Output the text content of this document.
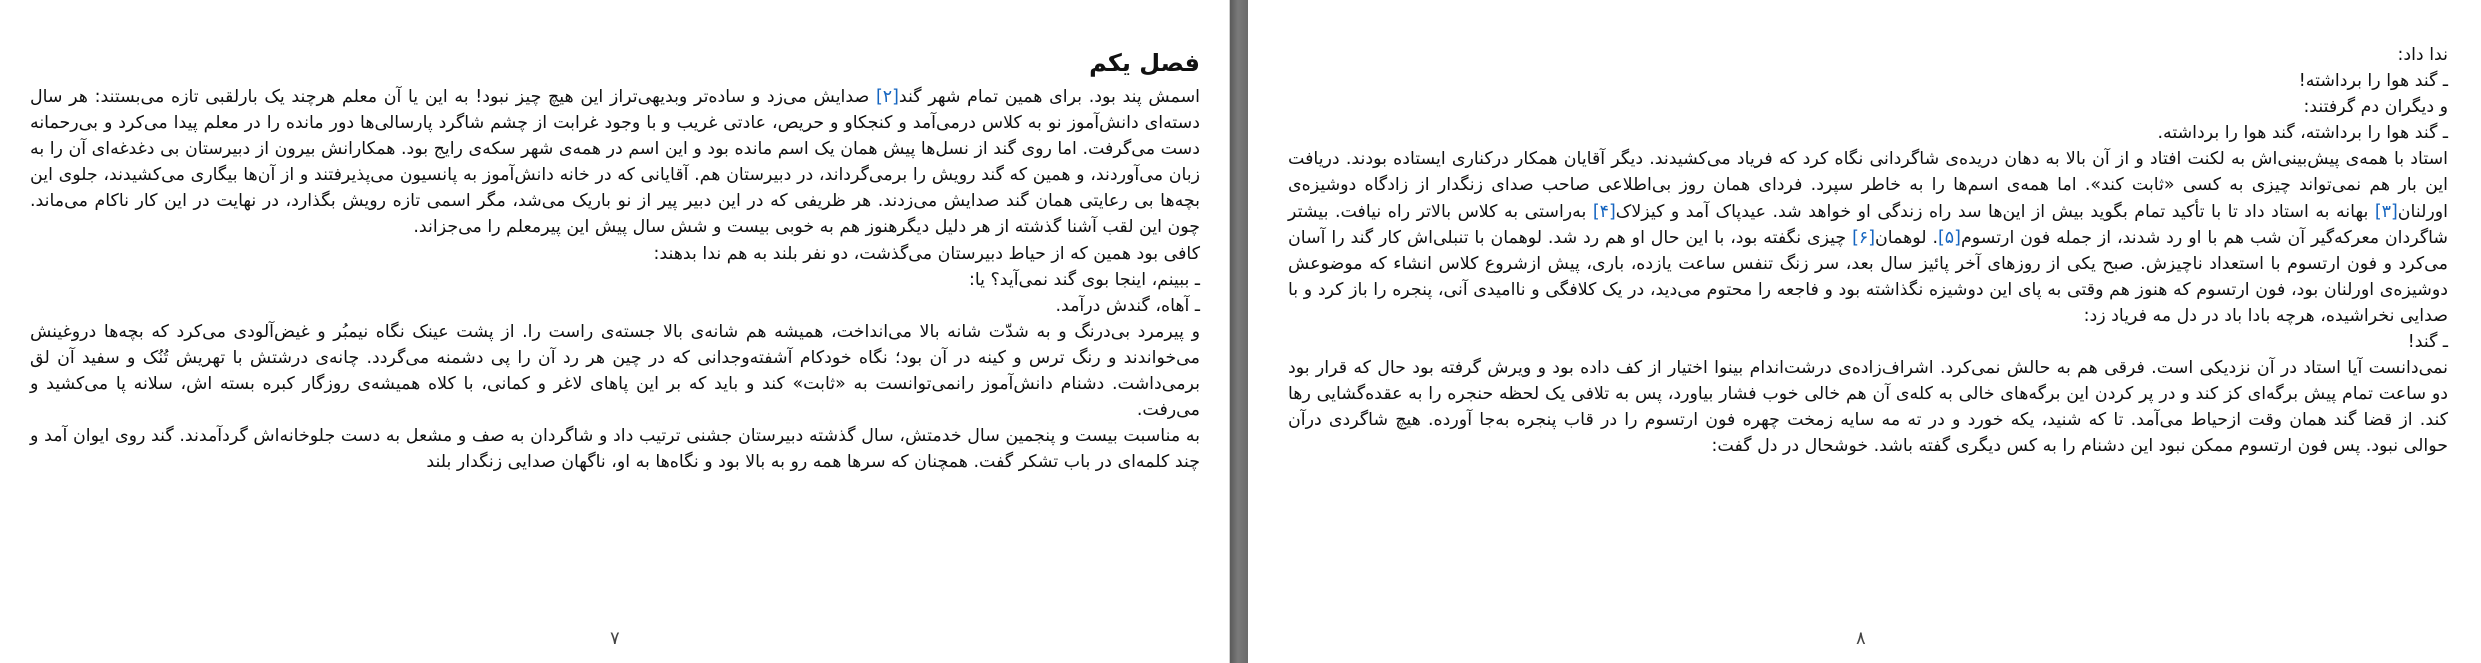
فصل یکم

اسمش پند بود. برای همین تمام شهر گند[۲] صدایش می‌زد و ساده‌تر وبدیهی‌تراز این هیچ چیز نبود! به این یا آن معلم هرچند یک بارلقبی تازه می‌بستند: هر سال دسته‌ای دانش‌آموز نو به کلاس درمی‌آمد و کنجکاو و حریص، عادتی غریب و با وجود غرابت از چشم شاگرد پارسالی‌ها دور مانده را در معلم پیدا می‌کرد و بی‌رحمانه دست می‌گرفت. اما روی گند از نسل‌ها پیش همان یک اسم مانده بود و این اسم در همه‌ی شهر سکه‌ی رایج بود. همکارانش بیرون از دبیرستان بی دغدغه‌ای آن را به زبان می‌آوردند، و همین که گند رویش را برمی‌گرداند، در دبیرستان هم. آقایانی که در خانه دانش‌آموز به پانسیون می‌پذیرفتند و از آن‌ها بیگاری می‌کشیدند، جلوی این بچه‌ها بی رعایتی همان گند صدایش می‌زدند. هر ظریفی که در این دبیر پیر از نو باریک می‌شد، مگر اسمی تازه رویش بگذارد، در نهایت در این کار ناکام می‌ماند. چون این لقب آشنا گذشته از هر دلیل دیگرهنوز هم به خوبی بیست و شش سال پیش این پیرمعلم را می‌جزاند.

کافی بود همین که از حیاط دبیرستان می‌گذشت، دو نفر بلند به هم ندا بدهند:

ـ ببینم، اینجا بوی گند نمی‌آید؟ یا:

ـ آهاه، گندش درآمد.

و پیرمرد بی‌درنگ و به شدّت شانه بالا می‌انداخت، همیشه هم شانه‌ی بالا جسته‌ی راست را. از پشت عینک نگاه نیمبُر و غیض‌آلودی می‌کرد که بچه‌ها دروغینش می‌خواندند و رنگ ترس و کینه در آن بود؛ نگاه خودکام آشفته‌وجدانی که در چین هر رد آن را پی دشمنه می‌گردد. چانه‌ی درشتش با تهریش تُنُک و سفید آن لق برمی‌داشت. دشنام دانش‌آموز رانمی‌توانست به «ثابت» کند و باید که بر این پاهای لاغر و کمانی، با کلاه همیشه‌ی روزگار کبره بسته اش، سلانه پا می‌کشید و می‌رفت.

به مناسبت بیست و پنجمین سال خدمتش، سال گذشته دبیرستان جشنی ترتیب داد و شاگردان به صف و مشعل به دست جلوخانه‌اش گردآمدند. گند روی ایوان آمد و چند کلمه‌ای در باب تشکر گفت. همچنان که سرها همه رو به بالا بود و نگاه‌ها به او، ناگهان صدایی زنگدار بلند

۷

ندا داد:

ـ گند هوا را برداشته!

و دیگران دم گرفتند:

ـ گند هوا را برداشته، گند هوا را برداشته.

استاد با همه‌ی پیش‌بینی‌اش به لکنت افتاد و از آن بالا به دهان دریده‌ی شاگردانی نگاه کرد که فریاد می‌کشیدند. دیگر آقایان همکار درکناری ایستاده بودند. دریافت این بار هم نمی‌تواند چیزی به کسی «ثابت کند». اما همه‌ی اسم‌ها را به خاطر سپرد. فردای همان روز بی‌اطلاعی صاحب صدای زنگدار از زادگاه دوشیزه‌ی اورلنان[۳] بهانه به استاد داد تا با تأکید تمام بگوید بیش از این‌ها سد راه زندگی او خواهد شد. عیدپاک آمد و کیزلاک[۴] به‌راستی به کلاس بالاتر راه نیافت. بیشتر شاگردان معرکه‌گیر آن شب هم با او رد شدند، از جمله فون ارتسوم[۵]. لوهمان[۶] چیزی نگفته بود، با این حال او هم رد شد. لوهمان با تنبلی‌اش کار گند را آسان می‌کرد و فون ارتسوم با استعداد ناچیزش. صبح یکی از روزهای آخر پائیز سال بعد، سر زنگ تنفس ساعت یازده، باری، پیش ازشروع کلاس انشاء که موضوعش دوشیزه‌ی اورلنان بود، فون ارتسوم که هنوز هم وقتی به پای این دوشیزه نگذاشته بود و فاجعه را محتوم می‌دید، در یک کلافگی و ناامیدی آنی، پنجره را باز کرد و با صدایی نخراشیده، هرچه بادا باد در دل مه فریاد زد:

ـ گند!

نمی‌دانست آیا استاد در آن نزدیکی است. فرقی هم به حالش نمی‌کرد. اشراف‌زاده‌ی درشت‌اندام بینوا اختیار از کف داده بود و ویرش گرفته بود حال که قرار بود دو ساعت تمام پیش برگه‌ای کز کند و در پر کردن این برگه‌های خالی به کله‌ی آن هم خالی خوب فشار بیاورد، پس به تلافی یک لحظه حنجره را به عقده‌گشایی رها کند. از قضا گند همان وقت ازحیاط می‌آمد. تا که شنید، یکه خورد و در ته مه سایه زمخت چهره فون ارتسوم را در قاب پنجره به‌جا آورده. هیچ شاگردی درآن حوالی نبود. پس فون ارتسوم ممکن نبود این دشنام را به کس دیگری گفته باشد. خوشحال در دل گفت:

۸
